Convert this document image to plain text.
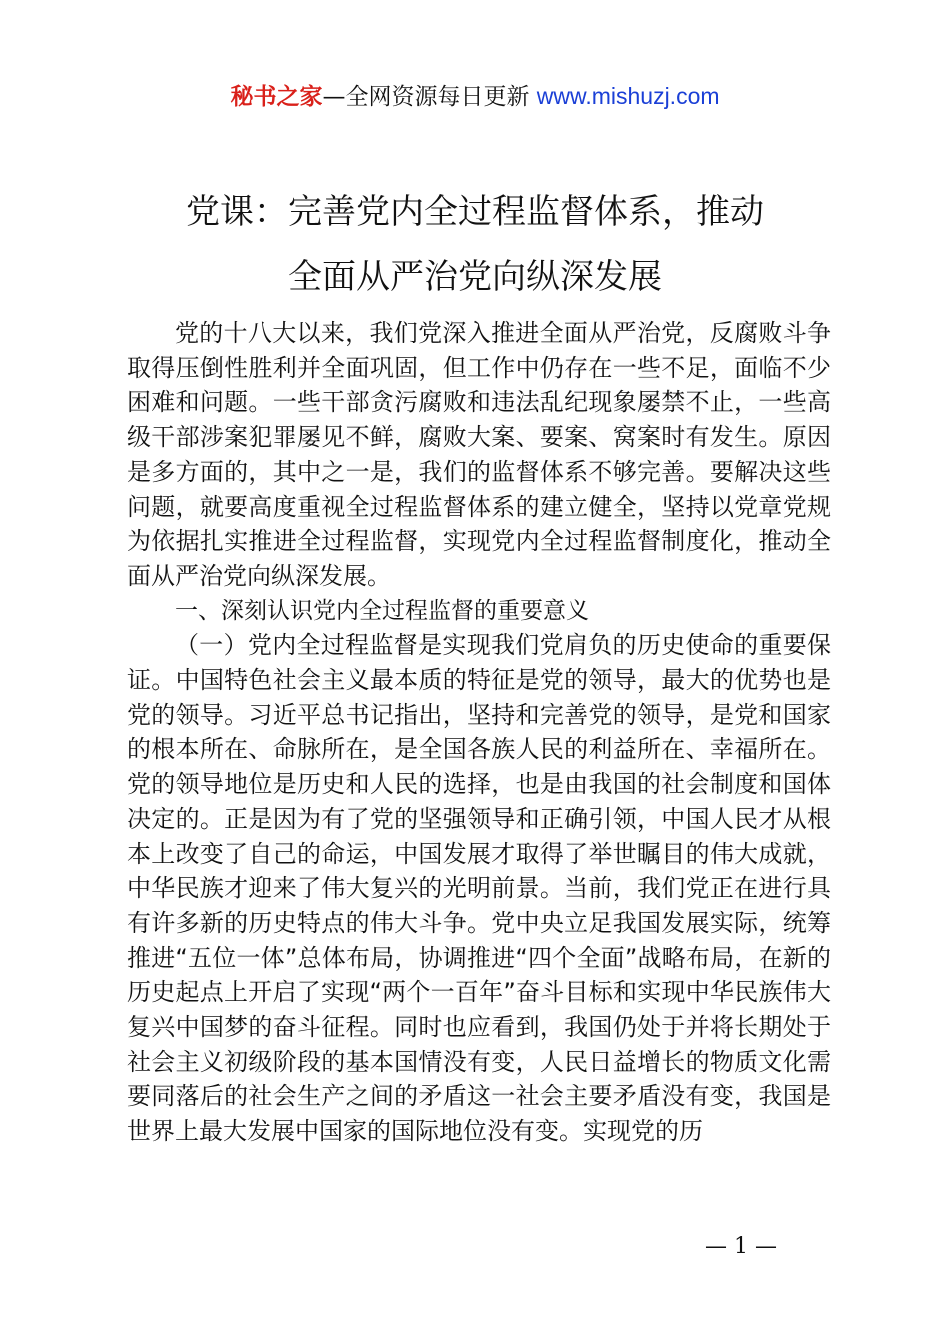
秘书之家—全网资源每日更新 www.mishuzj.com
党课：完善党内全过程监督体系，推动
全面从严治党向纵深发展

党的十八大以来，我们党深入推进全面从严治党，反腐败斗争取得压倒性胜利并全面巩固，但工作中仍存在一些不足，面临不少困难和问题。一些干部贪污腐败和违法乱纪现象屡禁不止，一些高级干部涉案犯罪屡见不鲜，腐败大案、要案、窝案时有发生。原因是多方面的，其中之一是，我们的监督体系不够完善。要解决这些问题，就要高度重视全过程监督体系的建立健全，坚持以党章党规为依据扎实推进全过程监督，实现党内全过程监督制度化，推动全面从严治党向纵深发展。

一、深刻认识党内全过程监督的重要意义

（一）党内全过程监督是实现我们党肩负的历史使命的重要保证。中国特色社会主义最本质的特征是党的领导，最大的优势也是党的领导。习近平总书记指出，坚持和完善党的领导，是党和国家的根本所在、命脉所在，是全国各族人民的利益所在、幸福所在。党的领导地位是历史和人民的选择，也是由我国的社会制度和国体决定的。正是因为有了党的坚强领导和正确引领，中国人民才从根本上改变了自己的命运，中国发展才取得了举世瞩目的伟大成就，中华民族才迎来了伟大复兴的光明前景。当前，我们党正在进行具有许多新的历史特点的伟大斗争。党中央立足我国发展实际，统筹推进“五位一体”总体布局，协调推进“四个全面”战略布局，在新的历史起点上开启了实现“两个一百年”奋斗目标和实现中华民族伟大复兴中国梦的奋斗征程。同时也应看到，我国仍处于并将长期处于社会主义初级阶段的基本国情没有变，人民日益增长的物质文化需要同落后的社会生产之间的矛盾这一社会主要矛盾没有变，我国是世界上最大发展中国家的国际地位没有变。实现党的历

— 1 —
